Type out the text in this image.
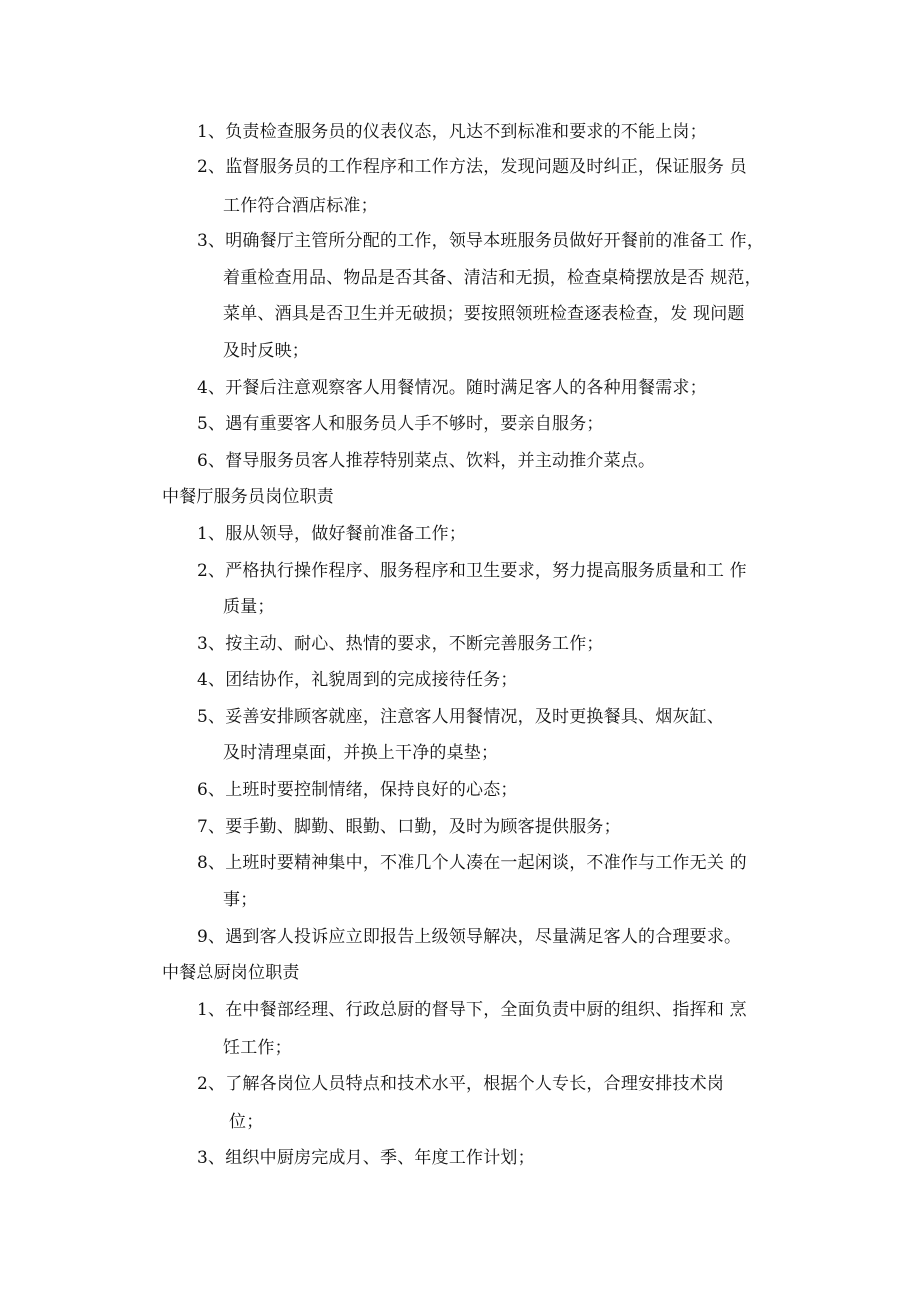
1、负责检查服务员的仪表仪态，凡达不到标准和要求的不能上岗；
2、监督服务员的工作程序和工作方法，发现问题及时纠正，保证服务 员
工作符合酒店标准；
3、明确餐厅主管所分配的工作，领导本班服务员做好开餐前的准备工 作，
着重检查用品、物品是否其备、清洁和无损，检查桌椅摆放是否 规范，
菜单、酒具是否卫生并无破损；要按照领班检查逐表检查，发 现问题
及时反映；
4、开餐后注意观察客人用餐情况。随时满足客人的各种用餐需求；
5、遇有重要客人和服务员人手不够时，要亲自服务；
6、督导服务员客人推荐特别菜点、饮料，并主动推介菜点。
中餐厅服务员岗位职责
1、服从领导，做好餐前准备工作；
2、严格执行操作程序、服务程序和卫生要求，努力提高服务质量和工 作
质量；
3、按主动、耐心、热情的要求，不断完善服务工作；
4、团结协作，礼貌周到的完成接待任务；
5、妥善安排顾客就座，注意客人用餐情况，及时更换餐具、烟灰缸、
及时清理桌面，并换上干净的桌垫；
6、上班时要控制情绪，保持良好的心态；
7、要手勤、脚勤、眼勤、口勤，及时为顾客提供服务；
8、上班时要精神集中，不准几个人凑在一起闲谈，不准作与工作无关 的
事；
9、遇到客人投诉应立即报告上级领导解决，尽量满足客人的合理要求。
中餐总厨岗位职责
1、在中餐部经理、行政总厨的督导下，全面负责中厨的组织、指挥和 烹
饪工作；
2、了解各岗位人员特点和技术水平，根据个人专长，合理安排技术岗
位；
3、组织中厨房完成月、季、年度工作计划；
